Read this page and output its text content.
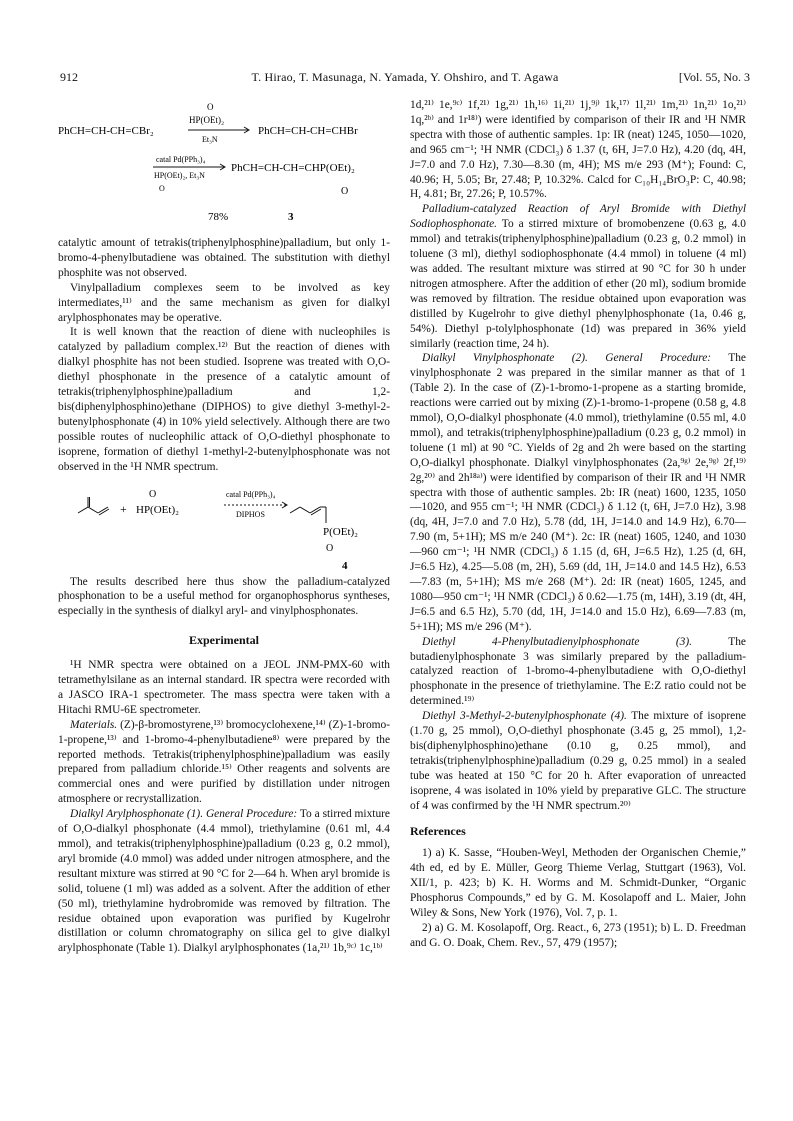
912	T. Hirao, T. Masunaga, N. Yamada, Y. Ohshiro, and T. Agawa	[Vol. 55, No. 3
PhCH=CH-CH=CBr₂
O
HP(OEt)₂
Et₃N
PhCH=CH-CH=CHBr
catal Pd(PPh₃)₄
HP(OEt)₂, Et₃N
O
PhCH=CH-CH=CHP(OEt)₂
O
78%	3

catalytic amount of tetrakis(triphenylphosphine)palladium, but only 1-bromo-4-phenylbutadiene was obtained. The substitution with diethyl phosphite was not observed.

Vinylpalladium complexes seem to be involved as key intermediates,¹¹⁾ and the same mechanism as given for dialkyl arylphosphonates may be operative.

It is well known that the reaction of diene with nucleophiles is catalyzed by palladium complex.¹²⁾ But the reaction of dienes with dialkyl phosphite has not been studied. Isoprene was treated with O,O-diethyl phosphonate in the presence of a catalytic amount of tetrakis(triphenylphosphine)palladium and 1,2-bis(diphenylphosphino)ethane (DIPHOS) to give diethyl 3-methyl-2-butenylphosphonate (4) in 10% yield selectively. Although there are two possible routes of nucleophilic attack of O,O-diethyl phosphonate to isoprene, formation of diethyl 1-methyl-2-butenylphosphonate was not observed in the ¹H NMR spectrum.

+
O
HP(OEt)₂
catal Pd(PPh₃)₄
DIPHOS
P(OEt)₂
O
4

The results described here thus show the palladium-catalyzed phosphonation to be a useful method for organophosphorus syntheses, especially in the synthesis of dialkyl aryl- and vinylphosphonates.

Experimental

¹H NMR spectra were obtained on a JEOL JNM-PMX-60 with tetramethylsilane as an internal standard. IR spectra were recorded with a JASCO IRA-1 spectrometer. The mass spectra were taken with a Hitachi RMU-6E spectrometer.

Materials. (Z)-β-bromostyrene,¹³⁾ bromocyclohexene,¹⁴⁾ (Z)-1-bromo-1-propene,¹³⁾ and 1-bromo-4-phenylbutadiene⁸⁾ were prepared by the reported methods. Tetrakis(triphenylphosphine)palladium was easily prepared from palladium chloride.¹⁵⁾ Other reagents and solvents are commercial ones and were purified by distillation under nitrogen atmosphere or recrystallization.

Dialkyl Arylphosphonate (1). General Procedure: To a stirred mixture of O,O-dialkyl phosphonate (4.4 mmol), triethylamine (0.61 ml, 4.4 mmol), and tetrakis(triphenylphosphine)palladium (0.23 g, 0.2 mmol), aryl bromide (4.0 mmol) was added under nitrogen atmosphere, and the resultant mixture was stirred at 90 °C for 2—64 h. When aryl bromide is solid, toluene (1 ml) was added as a solvent. After the addition of ether (50 ml), triethylamine hydrobromide was removed by filtration. The residue obtained upon evaporation was purified by Kugelrohr distillation or column chromatography on silica gel to give dialkyl arylphosphonate (Table 1). Dialkyl arylphosphonates (1a,²¹⁾ 1b,⁹ᶜ⁾ 1c,¹ᵇ⁾

1d,²¹⁾ 1e,⁹ᶜ⁾ 1f,²¹⁾ 1g,²¹⁾ 1h,¹⁶⁾ 1i,²¹⁾ 1j,⁹ʲ⁾ 1k,¹⁷⁾ 1l,²¹⁾ 1m,²¹⁾ 1n,²¹⁾ 1o,²¹⁾ 1q,²ᵇ⁾ and 1r¹⁸⁾) were identified by comparison of their IR and ¹H NMR spectra with those of authentic samples. 1p: IR (neat) 1245, 1050—1020, and 965 cm⁻¹; ¹H NMR (CDCl₃) δ 1.37 (t, 6H, J=7.0 Hz), 4.20 (dq, 4H, J=7.0 and 7.0 Hz), 7.30—8.30 (m, 4H); MS m/e 293 (M⁺); Found: C, 40.96; H, 5.05; Br, 27.48; P, 10.32%. Calcd for C₁₀H₁₄BrO₃P: C, 40.98; H, 4.81; Br, 27.26; P, 10.57%.

Palladium-catalyzed Reaction of Aryl Bromide with Diethyl Sodiophosphonate. To a stirred mixture of bromobenzene (0.63 g, 4.0 mmol) and tetrakis(triphenylphosphine)palladium (0.23 g, 0.2 mmol) in toluene (3 ml), diethyl sodiophosphonate (4.4 mmol) in toluene (4 ml) was added. The resultant mixture was stirred at 90 °C for 30 h under nitrogen atmosphere. After the addition of ether (20 ml), sodium bromide was removed by filtration. The residue obtained upon evaporation was distilled by Kugelrohr to give diethyl phenylphosphonate (1a, 0.46 g, 54%). Diethyl p-tolylphosphonate (1d) was prepared in 36% yield similarly (reaction time, 24 h).

Dialkyl Vinylphosphonate (2). General Procedure: The vinylphosphonate 2 was prepared in the similar manner as that of 1 (Table 2). In the case of (Z)-1-bromo-1-propene as a starting bromide, reactions were carried out by mixing (Z)-1-bromo-1-propene (0.58 g, 4.8 mmol), O,O-dialkyl phosphonate (4.0 mmol), triethylamine (0.55 ml, 4.0 mmol), and tetrakis(triphenylphosphine)palladium (0.23 g, 0.2 mmol) in toluene (1 ml) at 90 °C. Yields of 2g and 2h were based on the starting O,O-dialkyl phosphonate. Dialkyl vinylphosphonates (2a,⁹ᵍ⁾ 2e,⁹ᵍ⁾ 2f,¹⁹⁾ 2g,²⁰⁾ and 2h¹⁸ᵃ⁾) were identified by comparison of their IR and ¹H NMR spectra with those of authentic samples. 2b: IR (neat) 1600, 1235, 1050—1020, and 955 cm⁻¹; ¹H NMR (CDCl₃) δ 1.12 (t, 6H, J=7.0 Hz), 3.98 (dq, 4H, J=7.0 and 7.0 Hz), 5.78 (dd, 1H, J=14.0 and 14.9 Hz), 6.70—7.90 (m, 5+1H); MS m/e 240 (M⁺). 2c: IR (neat) 1605, 1240, and 1030—960 cm⁻¹; ¹H NMR (CDCl₃) δ 1.15 (d, 6H, J=6.5 Hz), 1.25 (d, 6H, J=6.5 Hz), 4.25—5.08 (m, 2H), 5.69 (dd, 1H, J=14.0 and 14.5 Hz), 6.53—7.83 (m, 5+1H); MS m/e 268 (M⁺). 2d: IR (neat) 1605, 1245, and 1080—950 cm⁻¹; ¹H NMR (CDCl₃) δ 0.62—1.75 (m, 14H), 3.19 (dt, 4H, J=6.5 and 6.5 Hz), 5.70 (dd, 1H, J=14.0 and 15.0 Hz), 6.69—7.83 (m, 5+1H); MS m/e 296 (M⁺).

Diethyl 4-Phenylbutadienylphosphonate (3).	The butadienylphosphonate 3 was similarly prepared by the palladium-catalyzed reaction of 1-bromo-4-phenylbutadiene with O,O-diethyl phosphonate in the presence of triethylamine. The E:Z ratio could not be determined.¹⁹⁾

Diethyl 3-Methyl-2-butenylphosphonate (4). The mixture of isoprene (1.70 g, 25 mmol), O,O-diethyl phosphonate (3.45 g, 25 mmol), 1,2-bis(diphenylphosphino)ethane (0.10 g, 0.25 mmol), and tetrakis(triphenylphosphine)palladium (0.29 g, 0.25 mmol) in a sealed tube was heated at 150 °C for 20 h. After evaporation of unreacted isoprene, 4 was isolated in 10% yield by preparative GLC. The structure of 4 was confirmed by the ¹H NMR spectrum.²⁰⁾

References

1) a) K. Sasse, “Houben-Weyl, Methoden der Organischen Chemie,” 4th ed, ed by E. Müller, Georg Thieme Verlag, Stuttgart (1963), Vol. XII/1, p. 423; b) K. H. Worms and M. Schmidt-Dunker, “Organic Phosphorus Compounds,” ed by G. M. Kosolapoff and L. Maier, John Wiley & Sons, New York (1976), Vol. 7, p. 1.

2) a) G. M. Kosolapoff, Org. React., 6, 273 (1951); b) L. D. Freedman and G. O. Doak, Chem. Rev., 57, 479 (1957);
